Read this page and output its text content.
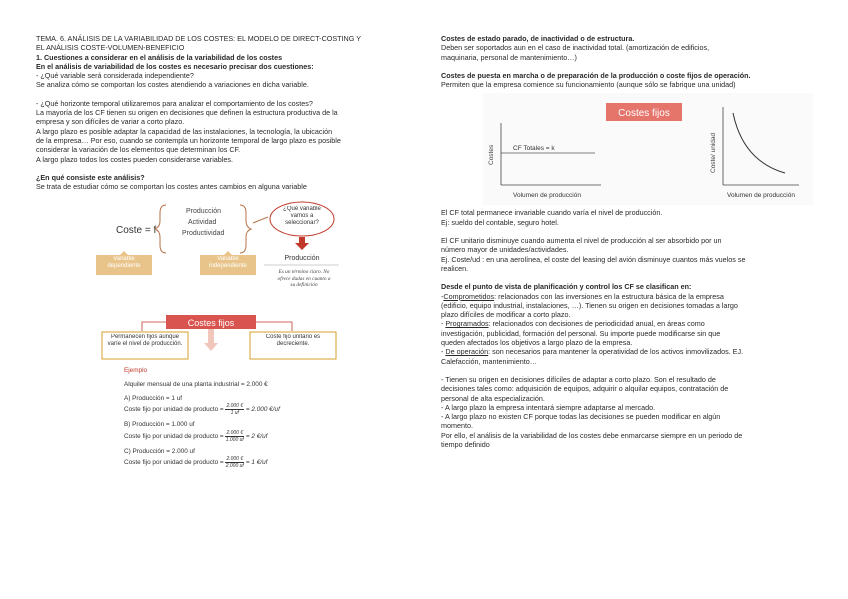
TEMA. 6. ANÁLISIS DE LA VARIABILIDAD DE LOS COSTES: EL MODELO DE DIRECT-COSTING Y

EL ANÁLISIS COSTE-VOLUMEN-BENEFICIO

1. Cuestiones a considerar en el análisis de la variabilidad de los costes

En el análisis de variabilidad de los costes es necesario precisar dos cuestiones:

- ¿Qué variable será considerada independiente?

Se analiza cómo se comportan los costes atendiendo a variaciones en dicha variable.

- ¿Qué horizonte temporal utilizaremos para analizar el comportamiento de los costes?

La mayoría de los CF tienen su origen en decisiones que definen la estructura productiva de la

empresa y son difíciles de variar a corto plazo.

A largo plazo es posible adaptar la capacidad de las instalaciones, la tecnología, la ubicación

de la empresa… Por eso, cuando se contempla un horizonte temporal de largo plazo es posible

considerar la variación de los elementos que determinan los CF.

A largo plazo todos los costes pueden considerarse variables.

¿En qué consiste este análisis?

Se trata de estudiar cómo se comportan los costes antes cambios en alguna variable

Coste = f
Producción
Actividad
Productividad
¿Qué variable vamos a seleccionar?
Producción
Variable dependiente
Variable independiente
Es un término claro. No ofrece dudas en cuanto a su definición
Costes fijos
Permanecen fijos aunque varíe el nivel de producción.
Coste fijo unitario es decreciente.

Ejemplo

Alquiler mensual de una planta industrial = 2.000 €

A) Producción = 1 uf

Coste fijo por unidad de producto = $\frac{2.000 €}{1 uf} = 2.000$ €/uf

B) Producción = 1.000 uf

Coste fijo por unidad de producto = $\frac{2.000 €}{1.000 uf} = 2$ €/uf

C) Producción = 2.000 uf

Coste fijo por unidad de producto = $\frac{2.000 €}{2.000 uf} = 1$ €/uf

Costes de estado parado, de inactividad o de estructura.

Deben ser soportados aun en el caso de inactividad total. (amortización de edificios,

maquinaria, personal de mantenimiento…)

Costes de puesta en marcha o de preparación de la producción o coste fijos de operación.

Permiten que la empresa comience su funcionamiento (aunque sólo se fabrique una unidad)

Costes fijos
Costes	CF Totales = k
Volumen de producción
Coste/ unidad
Volumen de producción

El CF total permanece invariable cuando varía el nivel de producción.

Ej: sueldo del contable, seguro hotel.

El CF unitario disminuye cuando aumenta el nivel de producción al ser absorbido por un

número mayor de unidades/actividades.

Ej. Coste/ud : en una aerolínea, el coste del leasing del avión disminuye cuantos más vuelos se

realicen.

Desde el punto de vista de planificación y control los CF se clasifican en:

-Comprometidos: relacionados con las inversiones en la estructura básica de la empresa

(edificio, equipo industrial, instalaciones, …). Tienen su origen en decisiones tomadas a largo

plazo difíciles de modificar a corto plazo.

- Programados: relacionados con decisiones de periodicidad anual, en áreas como

investigación, publicidad, formación del personal. Su importe puede modificarse sin que

queden afectados los objetivos a largo plazo de la empresa.

- De operación: son necesarios para mantener la operatividad de los activos inmovilizados. EJ.

Calefacción, mantenimiento…

- Tienen su origen en decisiones difíciles de adaptar a corto plazo. Son el resultado de

decisiones tales como: adquisición de equipos, adquirir o alquilar equipos, contratación de

personal de alta especialización.

- A largo plazo la empresa intentará siempre adaptarse al mercado.

- A largo plazo no existen CF porque todas las decisiones se pueden modificar en algún

momento.

Por ello, el análisis de la variabilidad de los costes debe enmarcarse siempre en un periodo de

tiempo definido
